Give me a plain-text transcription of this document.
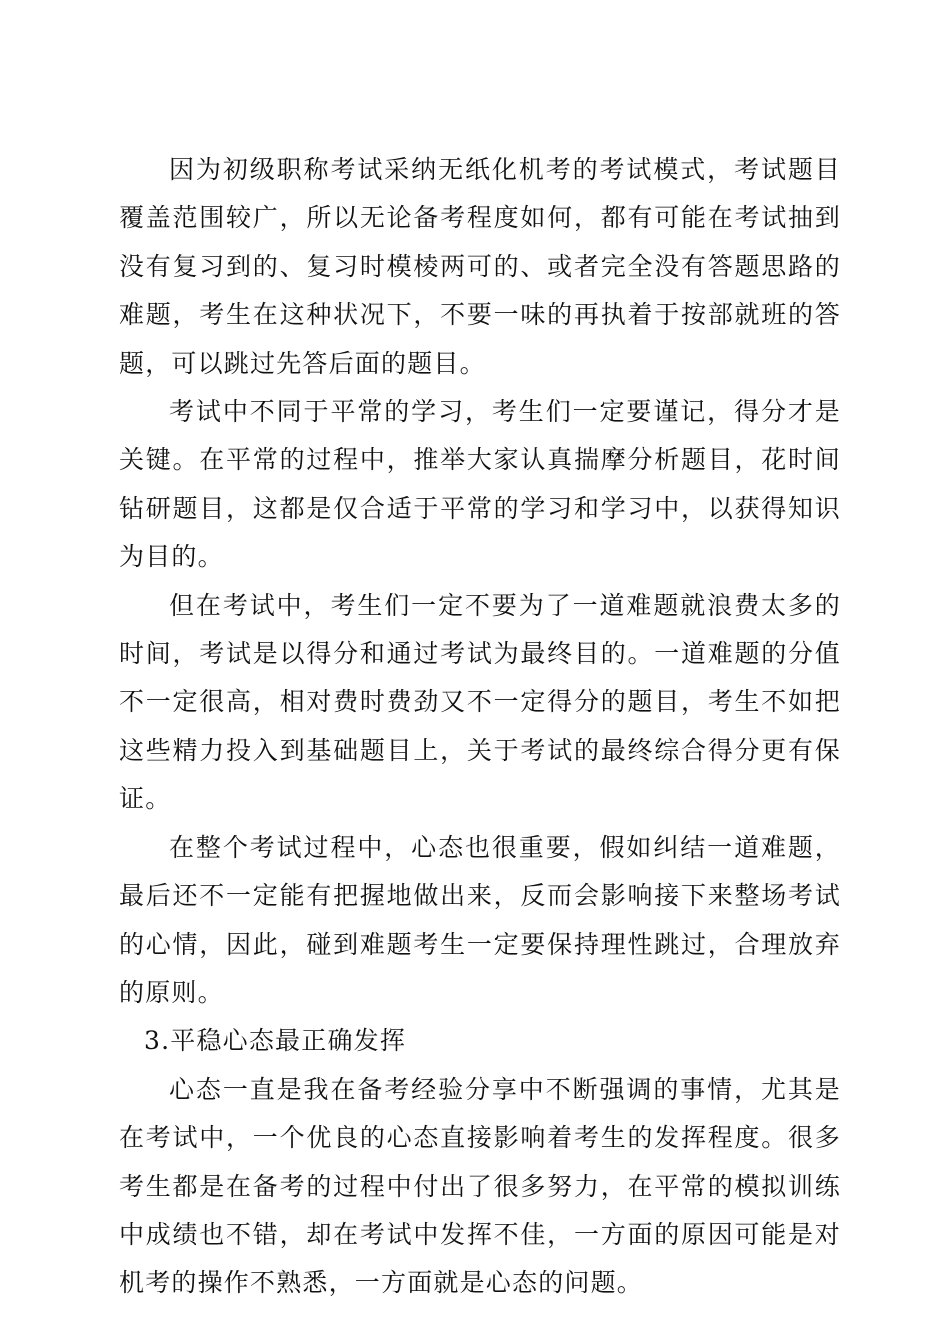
因为初级职称考试采纳无纸化机考的考试模式，考试题目覆盖范围较广，所以无论备考程度如何，都有可能在考试抽到没有复习到的、复习时模棱两可的、或者完全没有答题思路的难题，考生在这种状况下，不要一味的再执着于按部就班的答题，可以跳过先答后面的题目。

考试中不同于平常的学习，考生们一定要谨记，得分才是关键。在平常的过程中，推举大家认真揣摩分析题目，花时间钻研题目，这都是仅合适于平常的学习和学习中，以获得知识为目的。

但在考试中，考生们一定不要为了一道难题就浪费太多的时间，考试是以得分和通过考试为最终目的。一道难题的分值不一定很高，相对费时费劲又不一定得分的题目，考生不如把这些精力投入到基础题目上，关于考试的最终综合得分更有保证。

在整个考试过程中，心态也很重要，假如纠结一道难题，最后还不一定能有把握地做出来，反而会影响接下来整场考试的心情，因此，碰到难题考生一定要保持理性跳过，合理放弃的原则。

3.平稳心态最正确发挥

心态一直是我在备考经验分享中不断强调的事情，尤其是在考试中，一个优良的心态直接影响着考生的发挥程度。很多考生都是在备考的过程中付出了很多努力，在平常的模拟训练中成绩也不错，却在考试中发挥不佳，一方面的原因可能是对机考的操作不熟悉，一方面就是心态的问题。
